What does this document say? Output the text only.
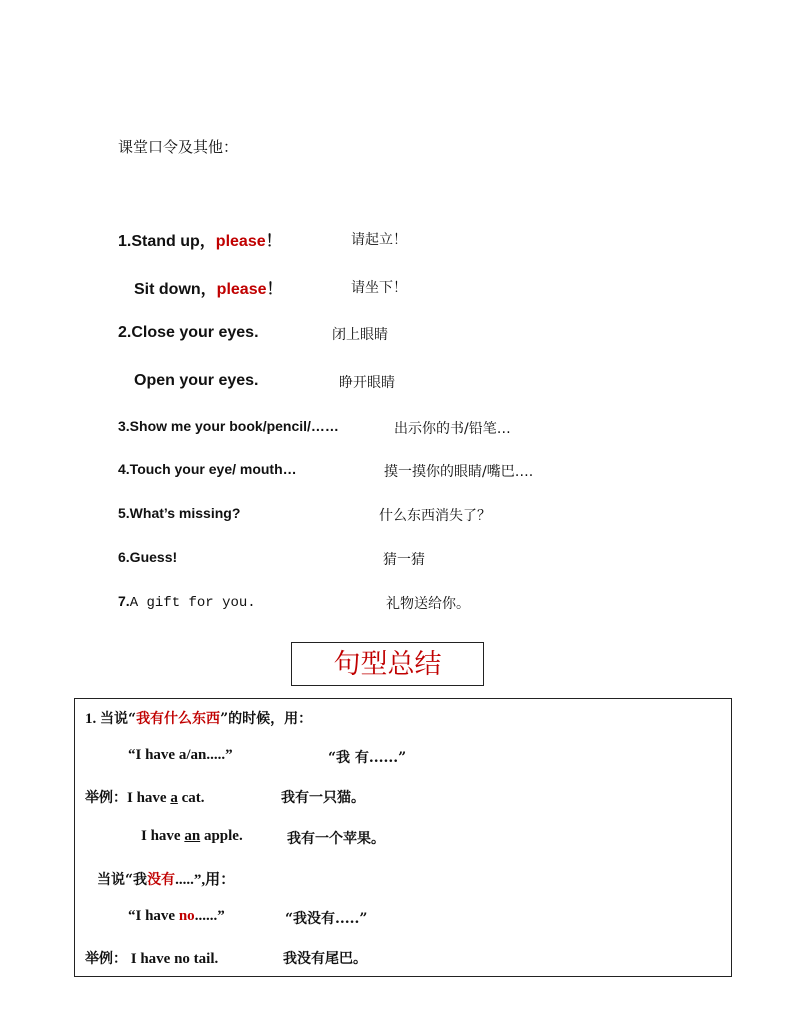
课堂口令及其他：
1.Stand up，please！	请起立！
Sit down，please！	请坐下！
2.Close your eyes.	闭上眼睛
Open your eyes.	睁开眼睛
3.Show me your book/pencil/……	出示你的书/铅笔…
4.Touch your eye/ mouth…	摸一摸你的眼睛/嘴巴….
5.What’s missing?	什么东西消失了？
6.Guess!	猜一猜
7.A gift for you.	礼物送给你。
句型总结
1. 当说“我有什么东西”的时候，用：
“I have a/an.....”	“我 有......”
举例：I have a cat.	我有一只猫。
I have an apple.	我有一个苹果。
当说“我没有.....”,用：
“I have no......”	“我没有.....”
举例： I have no tail.	我没有尾巴。
